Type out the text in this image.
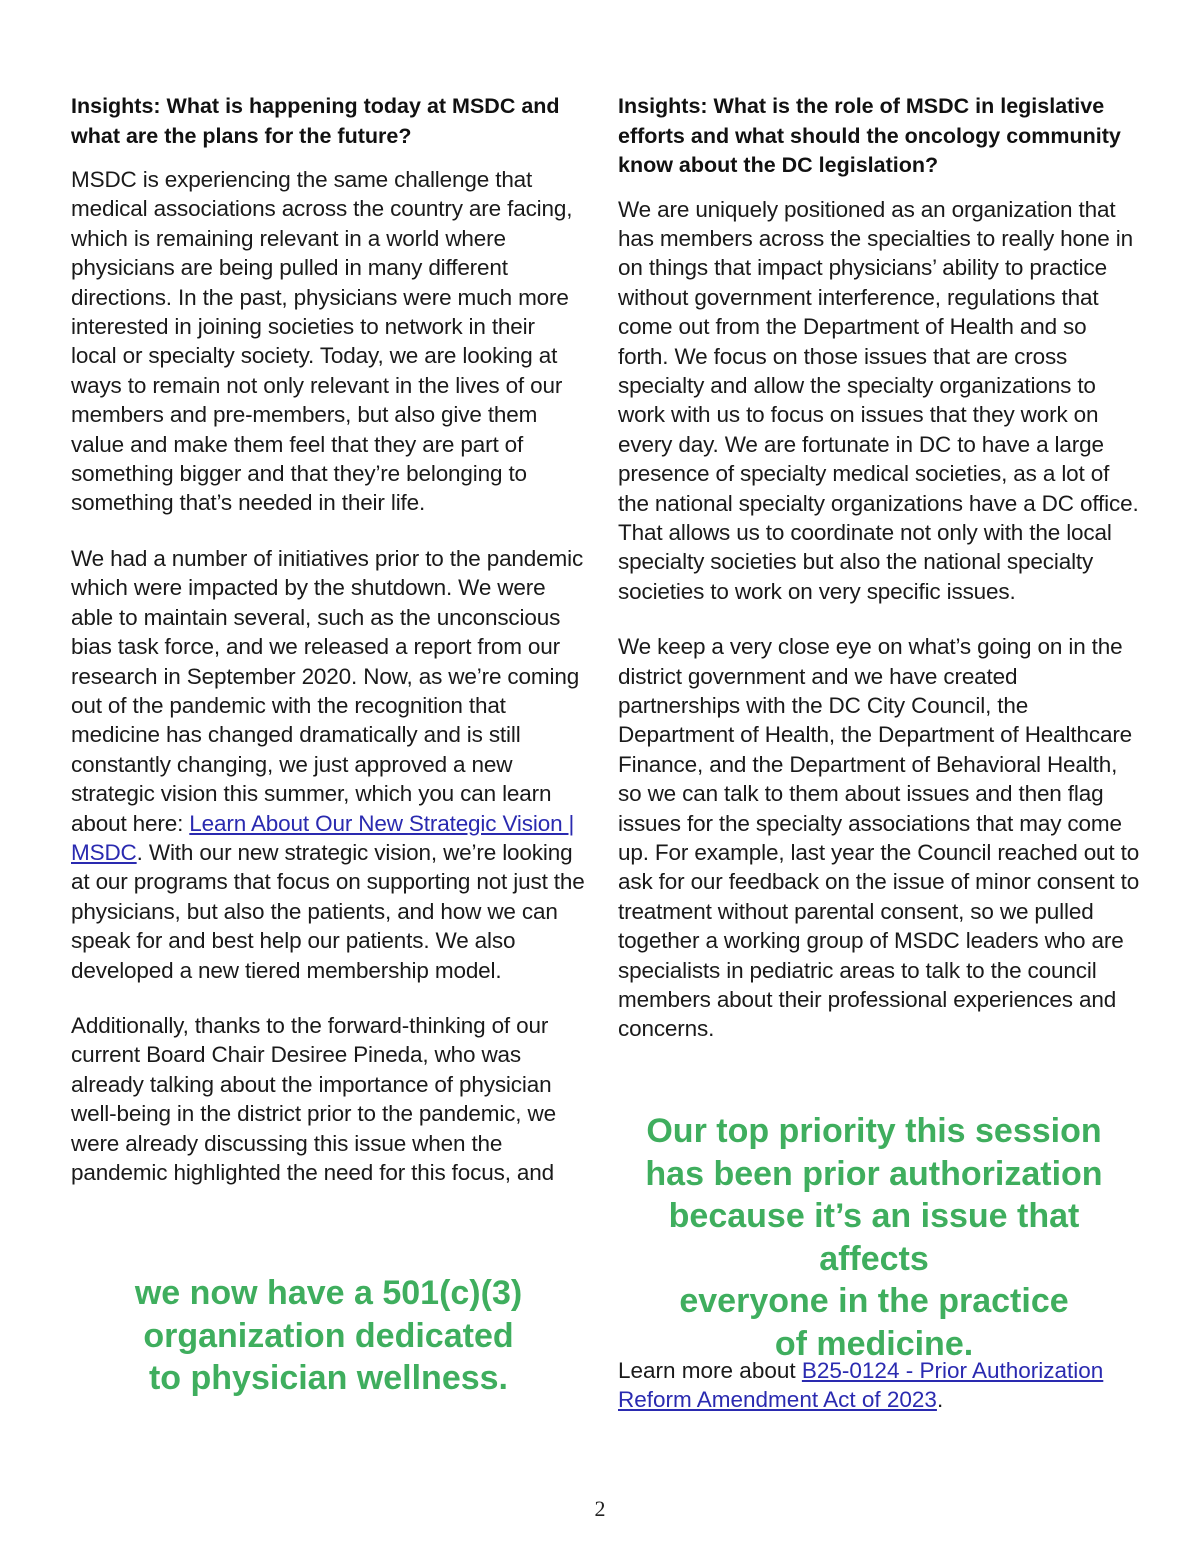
Insights: What is happening today at MSDC and what are the plans for the future?

MSDC is experiencing the same challenge that medical associations across the country are facing, which is remaining relevant in a world where physicians are being pulled in many different directions. In the past, physicians were much more interested in joining societies to network in their local or specialty society. Today, we are looking at ways to remain not only relevant in the lives of our members and pre-members, but also give them value and make them feel that they are part of something bigger and that they’re belonging to something that’s needed in their life.

We had a number of initiatives prior to the pandemic which were impacted by the shutdown. We were able to maintain several, such as the unconscious bias task force, and we released a report from our research in September 2020. Now, as we’re coming out of the pandemic with the recognition that medicine has changed dramatically and is still constantly changing, we just approved a new strategic vision this summer, which you can learn about here: Learn About Our New Strategic Vision | MSDC. With our new strategic vision, we’re looking at our programs that focus on supporting not just the physicians, but also the patients, and how we can speak for and best help our patients. We also developed a new tiered membership model.

Additionally, thanks to the forward-thinking of our current Board Chair Desiree Pineda, who was already talking about the importance of physician well-being in the district prior to the pandemic, we were already discussing this issue when the pandemic highlighted the need for this focus, and

we now have a 501(c)(3)
organization dedicated
to physician wellness.
Insights: What is the role of MSDC in legislative efforts and what should the oncology community know about the DC legislation?

We are uniquely positioned as an organization that has members across the specialties to really hone in on things that impact physicians’ ability to practice without government interference, regulations that come out from the Department of Health and so forth. We focus on those issues that are cross specialty and allow the specialty organizations to work with us to focus on issues that they work on every day. We are fortunate in DC to have a large presence of specialty medical societies, as a lot of the national specialty organizations have a DC office. That allows us to coordinate not only with the local specialty societies but also the national specialty societies to work on very specific issues.

We keep a very close eye on what’s going on in the district government and we have created partnerships with the DC City Council, the Department of Health, the Department of Healthcare Finance, and the Department of Behavioral Health, so we can talk to them about issues and then flag issues for the specialty associations that may come up. For example, last year the Council reached out to ask for our feedback on the issue of minor consent to treatment without parental consent, so we pulled together a working group of MSDC leaders who are specialists in pediatric areas to talk to the council members about their professional experiences and concerns.

Our top priority this session
has been prior authorization
because it’s an issue that affects
everyone in the practice
of medicine.
Learn more about B25-0124 - Prior Authorization Reform Amendment Act of 2023.
2
